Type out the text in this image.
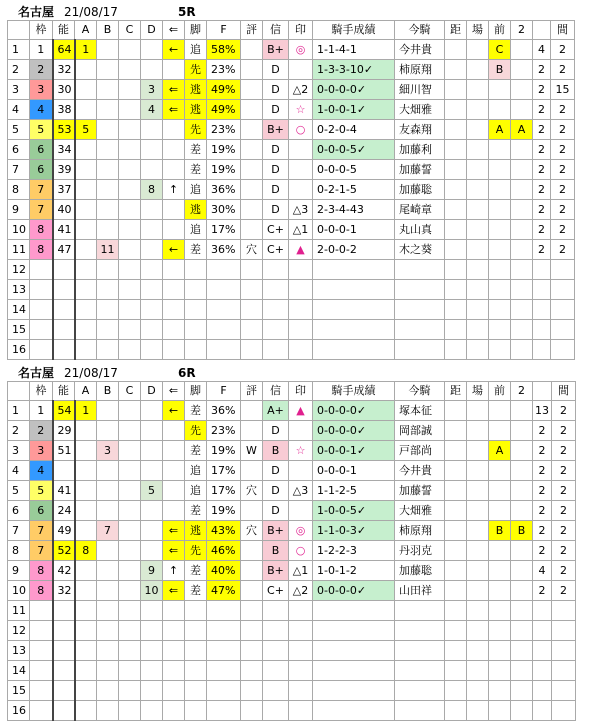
名古屋 21/08/17	5R
	枠	能	A	B	C	D	⇐	脚	F	評	信	印	騎手成績	今騎	距	場	前	2		間
1	1	64	1				←	追	58%		B+	◎	1-1-4-1	今井貴			C		4	2
2	2	32						先	23%		D		1-3-3-10✓	柿原翔			B		2	2
3	3	30				3	⇐	逃	49%		D	△2	0-0-0-0✓	細川智					2	15
4	4	38				4	⇐	逃	49%		D	☆	1-0-0-1✓	大畑雅					2	2
5	5	53	5					先	23%		B+	○	0-2-0-4	友森翔			A	A	2	2
6	6	34						差	19%		D		0-0-0-5✓	加藤利					2	2
7	6	39						差	19%		D		0-0-0-5	加藤誓					2	2
8	7	37				8	↑	追	36%		D		0-2-1-5	加藤聡					2	2
9	7	40						逃	30%		D	△3	2-3-4-43	尾崎章					2	2
10	8	41						追	17%		C+	△1	0-0-0-1	丸山真					2	2
11	8	47		11			←	差	36%	穴	C+	▲	2-0-0-2	木之葵					2	2
12																				
13																				
14																				
15																				
16																				
名古屋 21/08/17	6R
	枠	能	A	B	C	D	⇐	脚	F	評	信	印	騎手成績	今騎	距	場	前	2		間
1	1	54	1				←	差	36%		A+	▲	0-0-0-0✓	塚本征					13	2
2	2	29						先	23%		D		0-0-0-0✓	岡部誠					2	2
3	3	51		3				差	19%	W	B	☆	0-0-0-1✓	戸部尚			A		2	2
4	4							追	17%		D		0-0-0-1	今井貴					2	2
5	5	41				5		追	17%	穴	D	△3	1-1-2-5	加藤誓					2	2
6	6	24						差	19%		D		1-0-0-5✓	大畑雅					2	2
7	7	49		7			⇐	逃	43%	穴	B+	◎	1-1-0-3✓	柿原翔			B	B	2	2
8	7	52	8				⇐	先	46%		B	○	1-2-2-3	丹羽克					2	2
9	8	42				9	↑	差	40%		B+	△1	1-0-1-2	加藤聡					4	2
10	8	32				10	⇐	差	47%		C+	△2	0-0-0-0✓	山田祥					2	2
11																				
12																				
13																				
14																				
15																				
16																				
